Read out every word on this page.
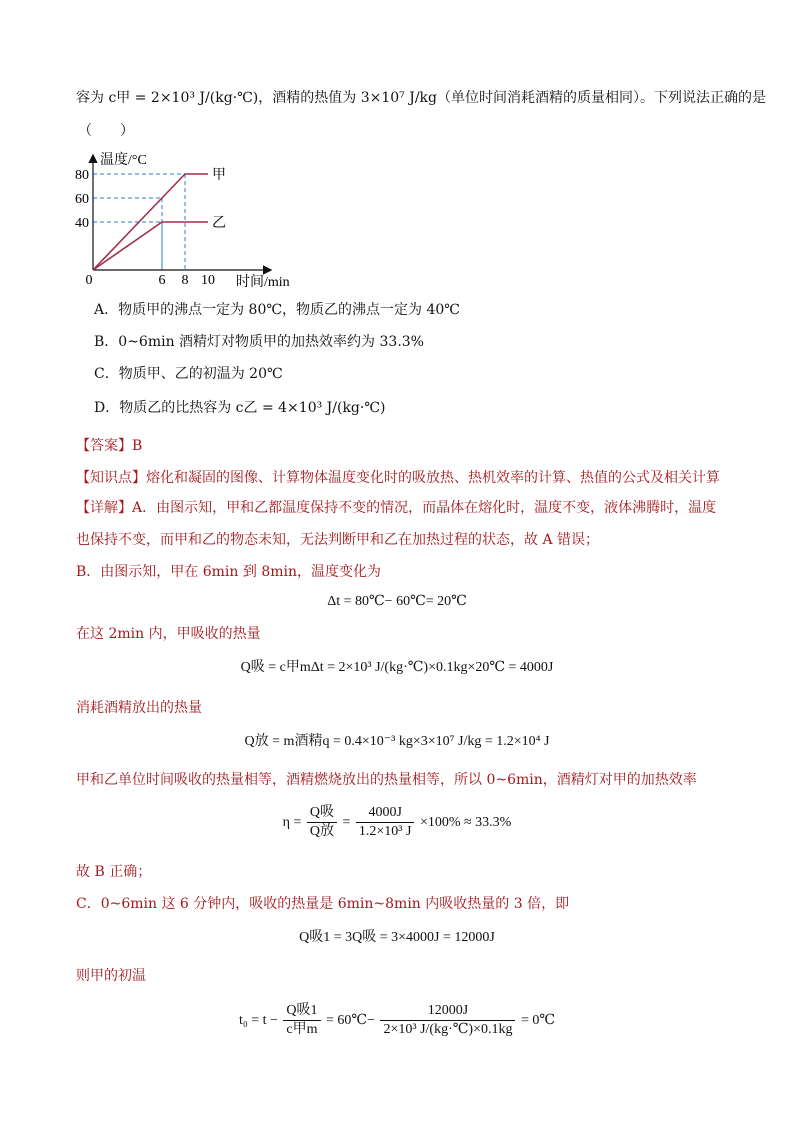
容为 c甲 = 2×10³ J/(kg·℃)，酒精的热值为 3×10⁷ J/kg（单位时间消耗酒精的质量相同）。下列说法正确的是
（　　）
温度/°C
时间/min
40
60
80
0	6 8 10
甲
乙
A．物质甲的沸点一定为 80℃，物质乙的沸点一定为 40℃
B．0~6min 酒精灯对物质甲的加热效率约为 33.3%
C．物质甲、乙的初温为 20℃
D．物质乙的比热容为 c乙 = 4×10³ J/(kg·℃)
【答案】B
【知识点】熔化和凝固的图像、计算物体温度变化时的吸放热、热机效率的计算、热值的公式及相关计算
【详解】A．由图示知，甲和乙都温度保持不变的情况，而晶体在熔化时，温度不变，液体沸腾时，温度
也保持不变，而甲和乙的物态未知，无法判断甲和乙在加热过程的状态，故 A 错误；
B．由图示知，甲在 6min 到 8min，温度变化为
Δt = 80℃− 60℃= 20℃
在这 2min 内，甲吸收的热量
Q吸 = c甲mΔt = 2×10³ J/(kg·℃)×0.1kg×20℃ = 4000J
消耗酒精放出的热量
Q放 = m酒精q = 0.4×10⁻³ kg×3×10⁷ J/kg = 1.2×10⁴ J
甲和乙单位时间吸收的热量相等，酒精燃烧放出的热量相等，所以 0~6min，酒精灯对甲的加热效率
$\eta = \frac{\text{Q吸}}{\text{Q放}} = \frac{4000J}{\text{1.2×10³ J}} \times 100\% \approx 33.3\%$
故 B 正确；
C．0~6min 这 6 分钟内，吸收的热量是 6min~8min 内吸收热量的 3 倍，即
Q吸1 = 3Q吸 = 3×4000J = 12000J
则甲的初温
$t_0 = t - \frac{\text{Q吸1}}{\text{c甲m}}$ = 60℃− $\frac{12000J}{\text{2×10³ J/(kg·℃)×0.1kg}}$ = 0℃
